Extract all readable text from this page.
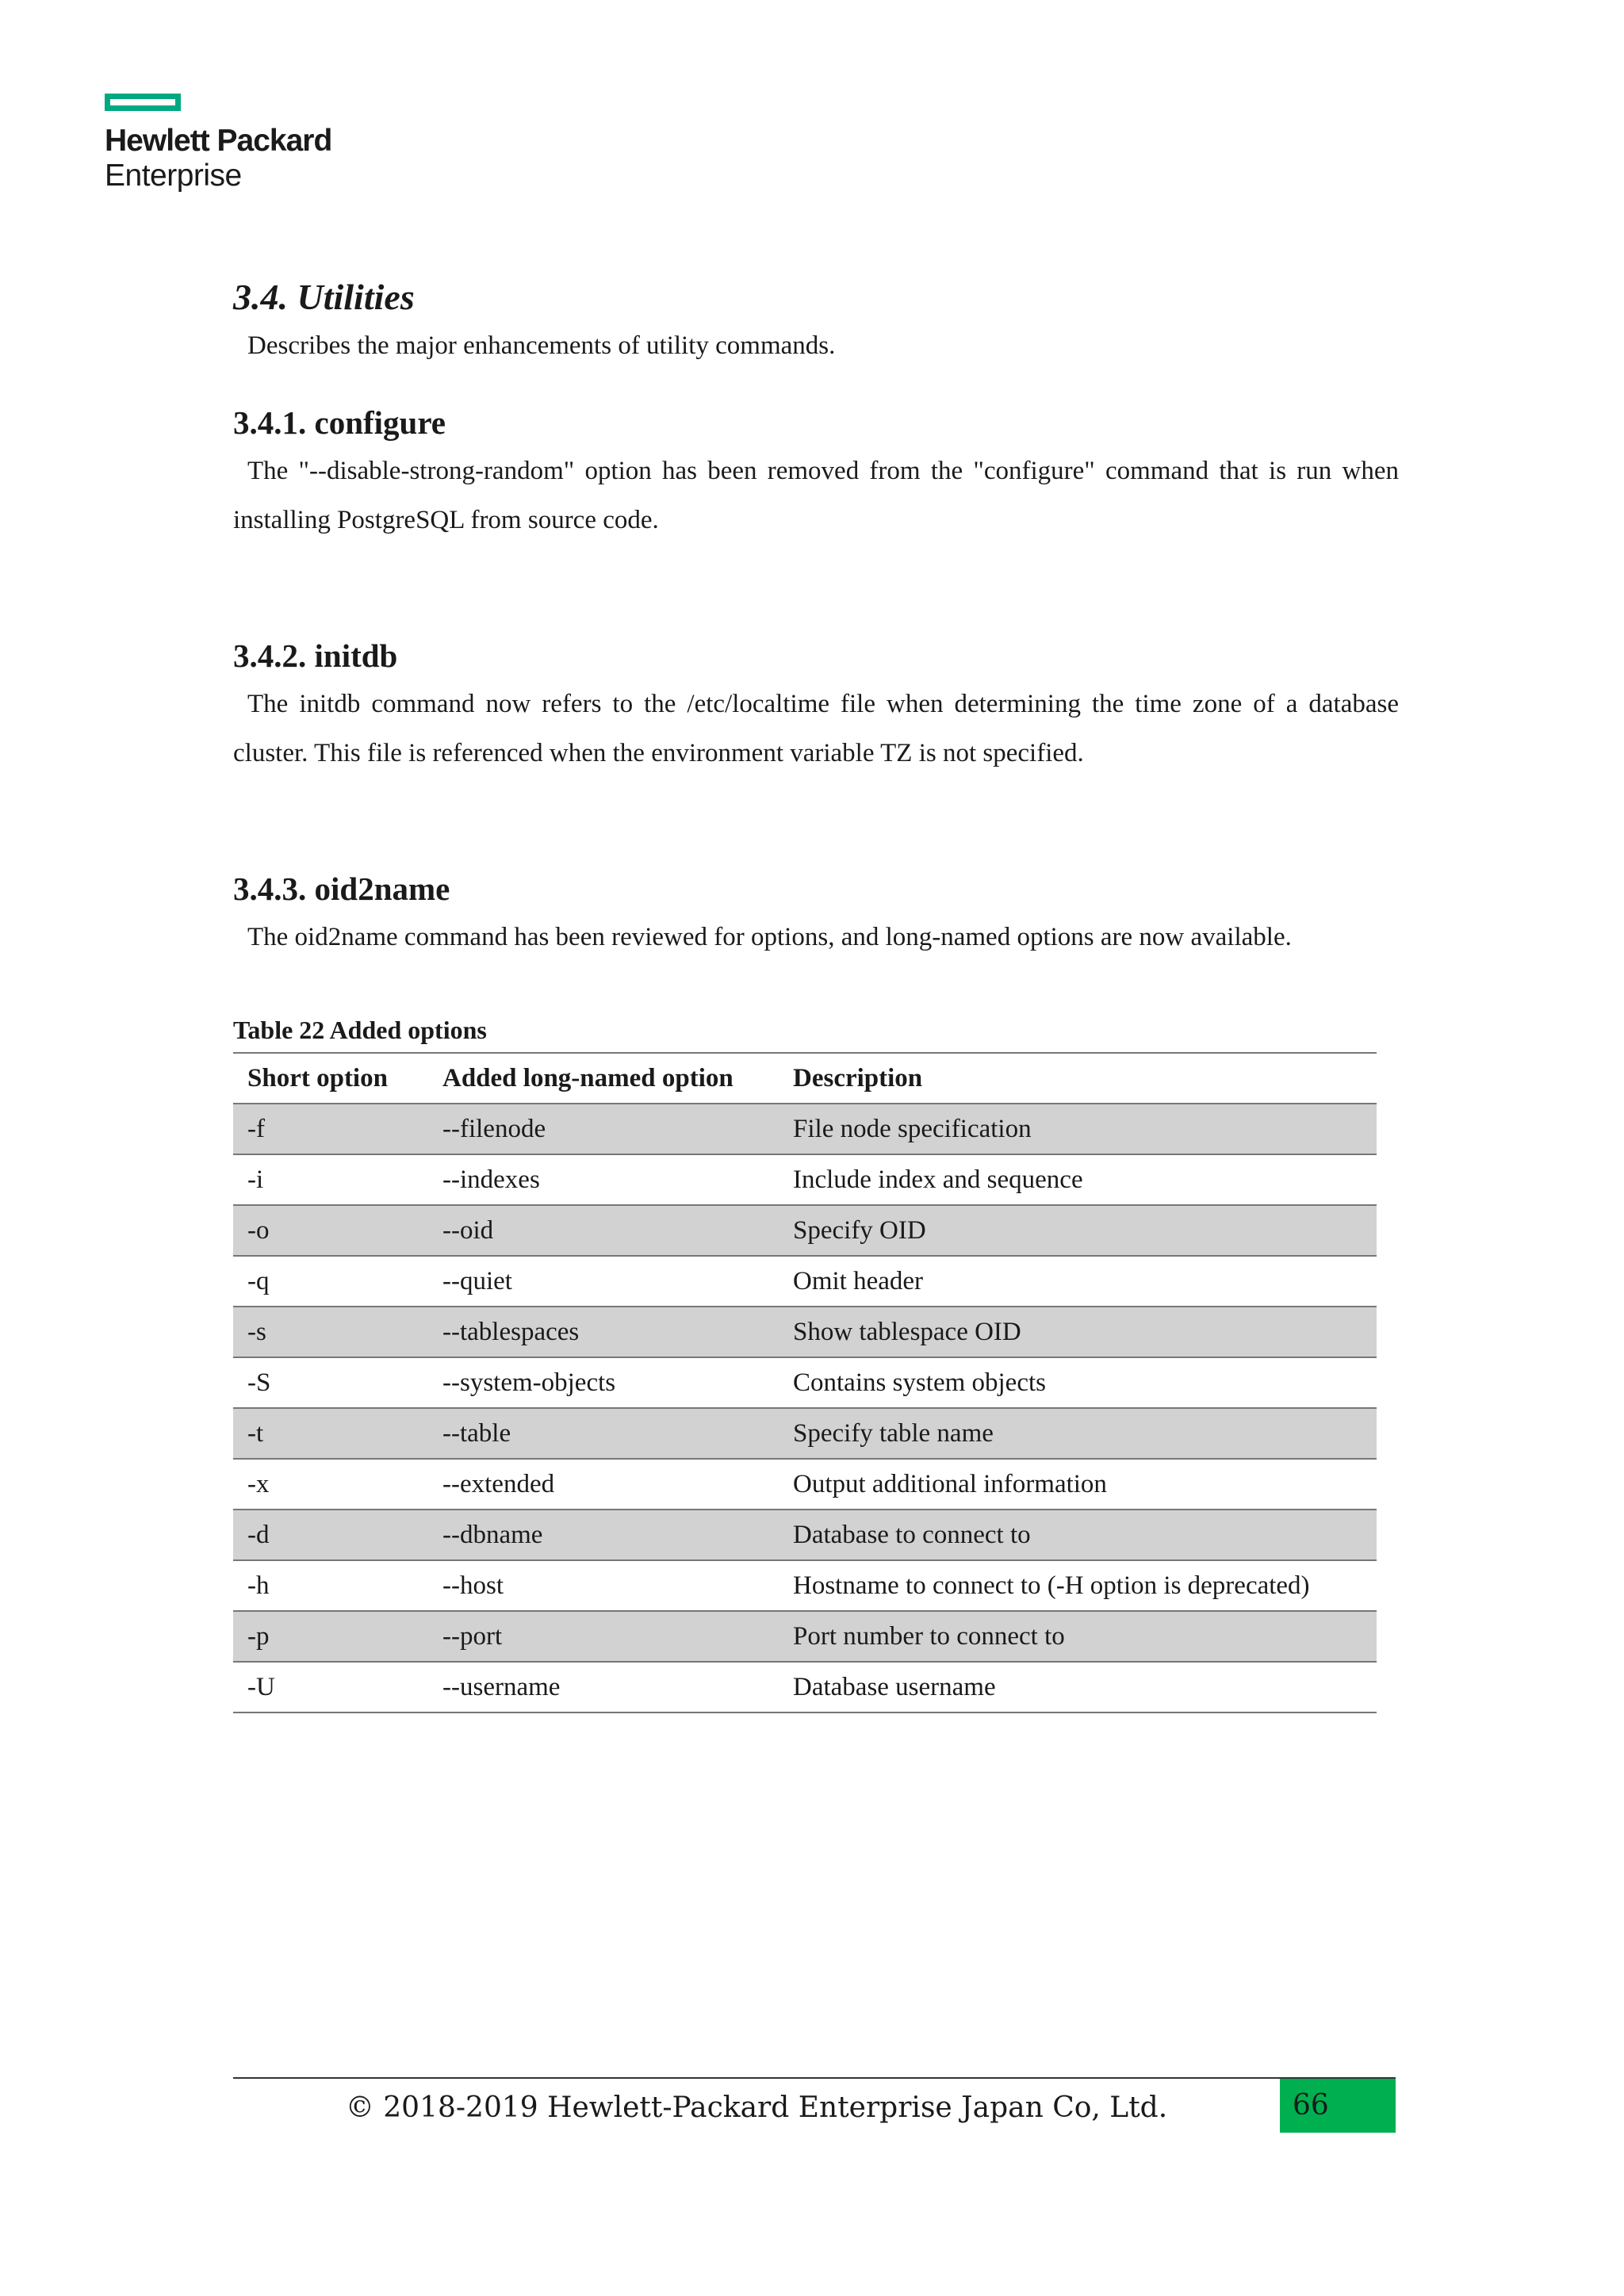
Hewlett Packard
Enterprise
3.4. Utilities

Describes the major enhancements of utility commands.

3.4.1. configure

The "--disable-strong-random" option has been removed from the "configure" command that is run when installing PostgreSQL from source code.

3.4.2. initdb

The initdb command now refers to the /etc/localtime file when determining the time zone of a database cluster. This file is referenced when the environment variable TZ is not specified.

3.4.3. oid2name

The oid2name command has been reviewed for options, and long-named options are now available.

Table 22 Added options

Short option	Added long-named option	Description
-f	--filenode	File node specification
-i	--indexes	Include index and sequence
-o	--oid	Specify OID
-q	--quiet	Omit header
-s	--tablespaces	Show tablespace OID
-S	--system-objects	Contains system objects
-t	--table	Specify table name
-x	--extended	Output additional information
-d	--dbname	Database to connect to
-h	--host	Hostname to connect to (-H option is deprecated)
-p	--port	Port number to connect to
-U	--username	Database username
© 2018-2019 Hewlett-Packard Enterprise Japan Co, Ltd.	66
